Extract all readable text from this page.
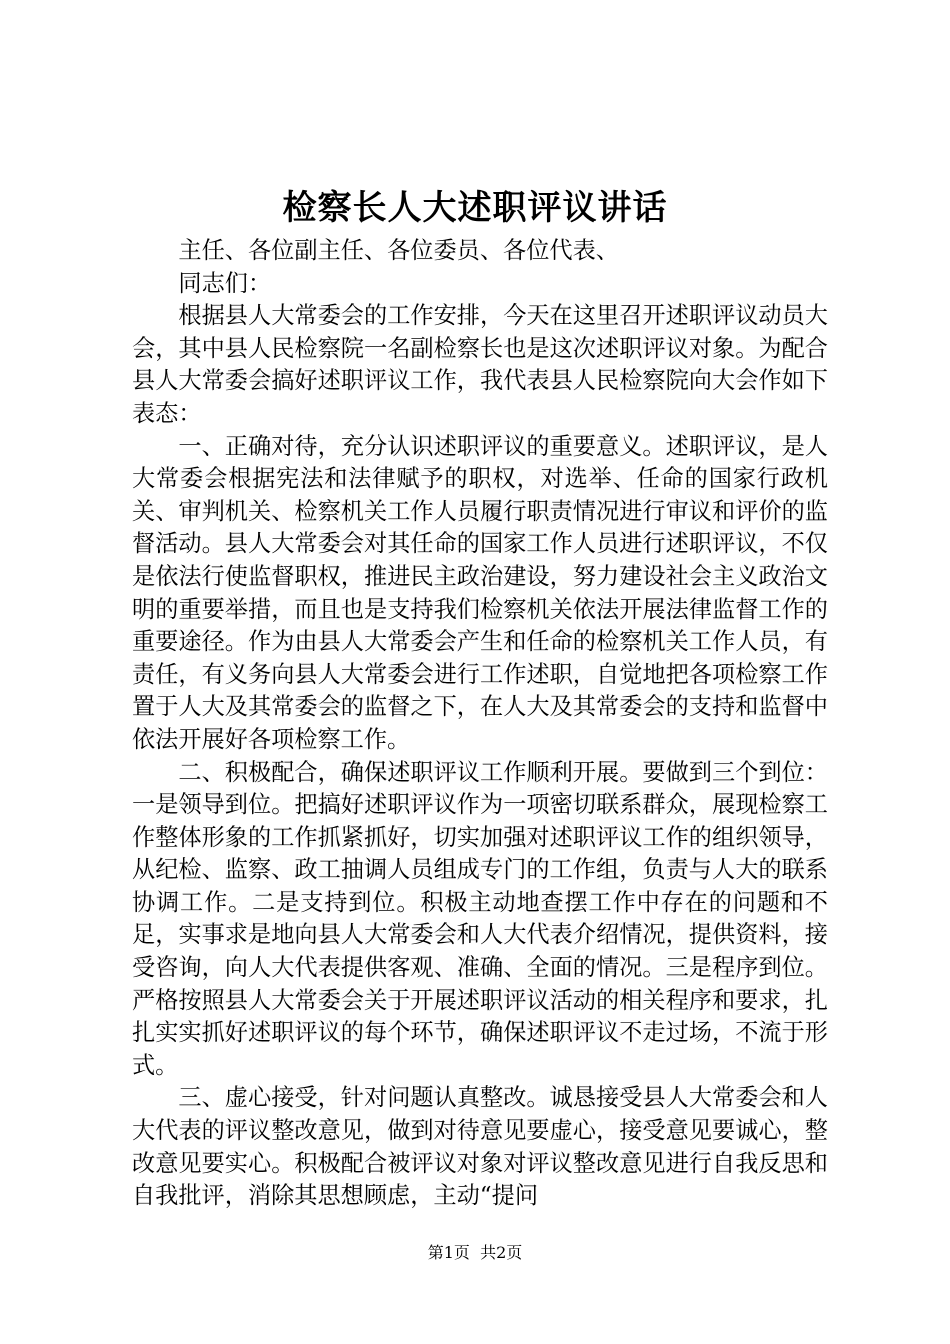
检察长人大述职评议讲话

主任、各位副主任、各位委员、各位代表、

同志们：

根据县人大常委会的工作安排，今天在这里召开述职评议动员大会，其中县人民检察院一名副检察长也是这次述职评议对象。为配合县人大常委会搞好述职评议工作，我代表县人民检察院向大会作如下表态：

一、正确对待，充分认识述职评议的重要意义。述职评议，是人大常委会根据宪法和法律赋予的职权，对选举、任命的国家行政机关、审判机关、检察机关工作人员履行职责情况进行审议和评价的监督活动。县人大常委会对其任命的国家工作人员进行述职评议，不仅是依法行使监督职权，推进民主政治建设，努力建设社会主义政治文明的重要举措，而且也是支持我们检察机关依法开展法律监督工作的重要途径。作为由县人大常委会产生和任命的检察机关工作人员，有责任，有义务向县人大常委会进行工作述职，自觉地把各项检察工作置于人大及其常委会的监督之下，在人大及其常委会的支持和监督中依法开展好各项检察工作。

二、积极配合，确保述职评议工作顺利开展。要做到三个到位：一是领导到位。把搞好述职评议作为一项密切联系群众，展现检察工作整体形象的工作抓紧抓好，切实加强对述职评议工作的组织领导，从纪检、监察、政工抽调人员组成专门的工作组，负责与人大的联系协调工作。二是支持到位。积极主动地查摆工作中存在的问题和不足，实事求是地向县人大常委会和人大代表介绍情况，提供资料，接受咨询，向人大代表提供客观、准确、全面的情况。三是程序到位。严格按照县人大常委会关于开展述职评议活动的相关程序和要求，扎扎实实抓好述职评议的每个环节，确保述职评议不走过场，不流于形式。

三、虚心接受，针对问题认真整改。诚恳接受县人大常委会和人大代表的评议整改意见，做到对待意见要虚心，接受意见要诚心，整改意见要实心。积极配合被评议对象对评议整改意见进行自我反思和自我批评，消除其思想顾虑，主动“提问

第1页 共2页
